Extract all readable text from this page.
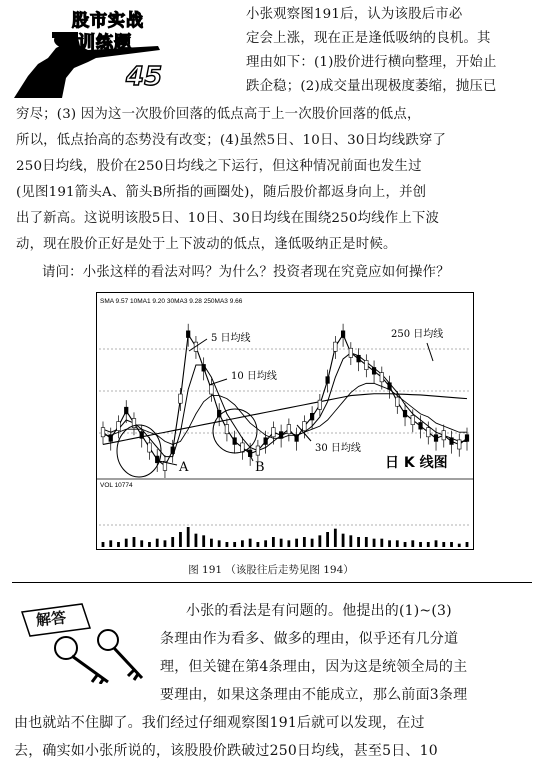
股市实战
训练题
45
小张观察图191后，认为该股后市必
定会上涨，现在正是逢低吸纳的良机。其
理由如下：(1)股价进行横向整理，开始止
跌企稳；(2)成交量出现极度萎缩，抛压已
穷尽；(3) 因为这一次股价回落的低点高于上一次股价回落的低点，
所以，低点抬高的态势没有改变；(4)虽然5日、10日、30日均线跌穿了
250日均线，股价在250日均线之下运行，但这种情况前面也发生过
(见图191箭头A、箭头B所指的画圈处)，随后股价都返身向上，并创
出了新高。这说明该股5日、10日、30日均线在围绕250均线作上下波
动，现在股价正好是处于上下波动的低点，逢低吸纳正是时候。
请问：小张这样的看法对吗？为什么？投资者现在究竟应如何操作？
SMA 9.57 10MA1 9.20 30MA3 9.28 250MA3 9.66
5 日均线
10 日均线
30 日均线
250 日均线
A	B	日 K 线图
VOL 10774
图 191 （该股往后走势见图 194）
解答	小张的看法是有问题的。他提出的(1)~(3)
条理由作为看多、做多的理由，似乎还有几分道
理，但关键在第4条理由，因为这是统领全局的主
要理由，如果这条理由不能成立，那么前面3条理
由也就站不住脚了。我们经过仔细观察图191后就可以发现，在过
去，确实如小张所说的，该股股价跌破过250日均线，甚至5日、10
